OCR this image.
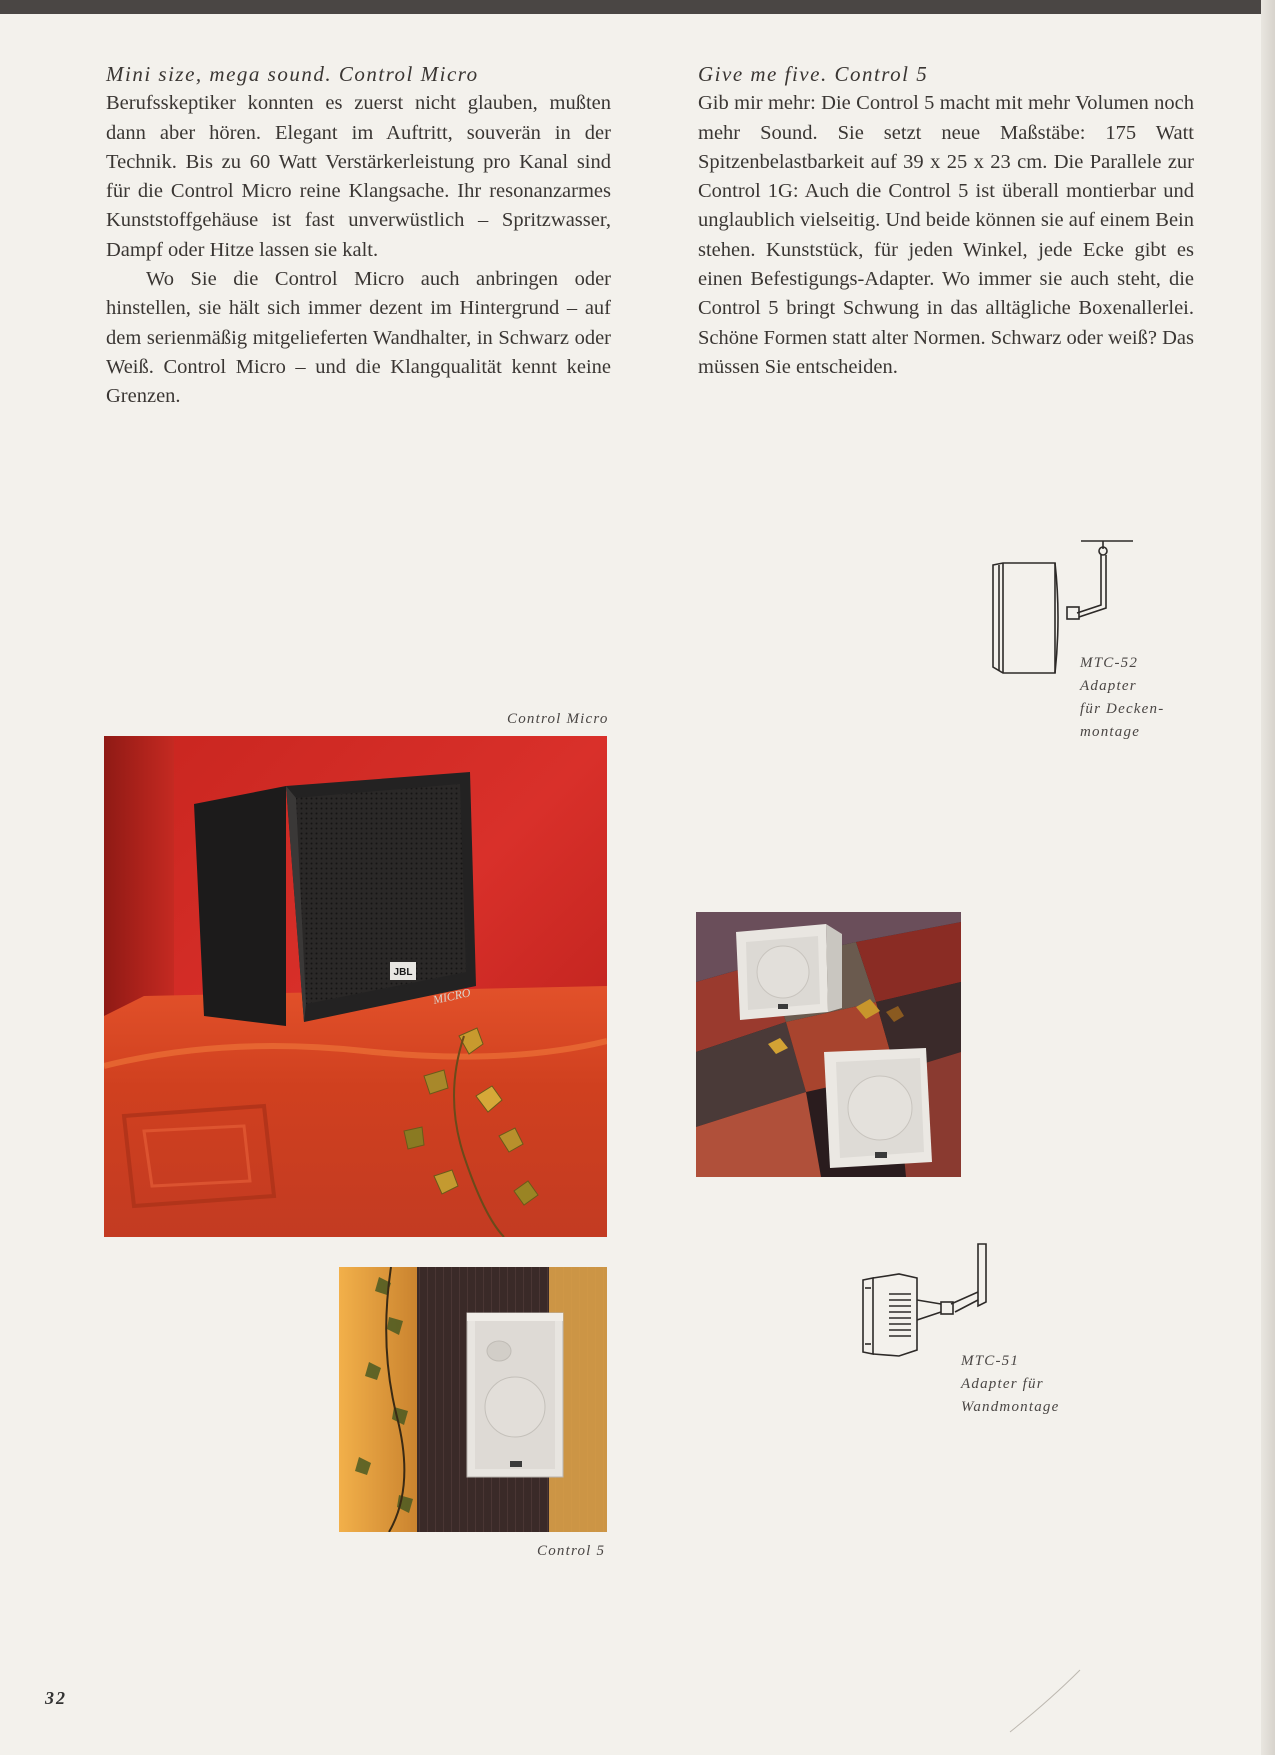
Mini size, mega sound. Control Micro

Berufsskeptiker konnten es zuerst nicht glauben, mußten dann aber hören. Elegant im Auftritt, souverän in der Technik. Bis zu 60 Watt Verstärkerleistung pro Kanal sind für die Control Micro reine Klangsache. Ihr resonanzarmes Kunststoffgehäuse ist fast unverwüstlich – Spritzwasser, Dampf oder Hitze lassen sie kalt.

Wo Sie die Control Micro auch anbringen oder hinstellen, sie hält sich immer dezent im Hintergrund – auf dem serienmäßig mitgelieferten Wandhalter, in Schwarz oder Weiß. Control Micro – und die Klangqualität kennt keine Grenzen.

Give me five. Control 5

Gib mir mehr: Die Control 5 macht mit mehr Volumen noch mehr Sound. Sie setzt neue Maßstäbe: 175 Watt Spitzenbelastbarkeit auf 39 x 25 x 23 cm. Die Parallele zur Control 1G: Auch die Control 5 ist überall montierbar und unglaublich vielseitig. Und beide können sie auf einem Bein stehen. Kunststück, für jeden Winkel, jede Ecke gibt es einen Befestigungs-Adapter. Wo immer sie auch steht, die Control 5 bringt Schwung in das alltägliche Boxenallerlei. Schöne Formen statt alter Normen. Schwarz oder weiß? Das müssen Sie entscheiden.

MTC-52
Adapter
für Decken-
montage
Control Micro
JBL
MICRO
MTC-51
Adapter für
Wandmontage
Control 5
32
